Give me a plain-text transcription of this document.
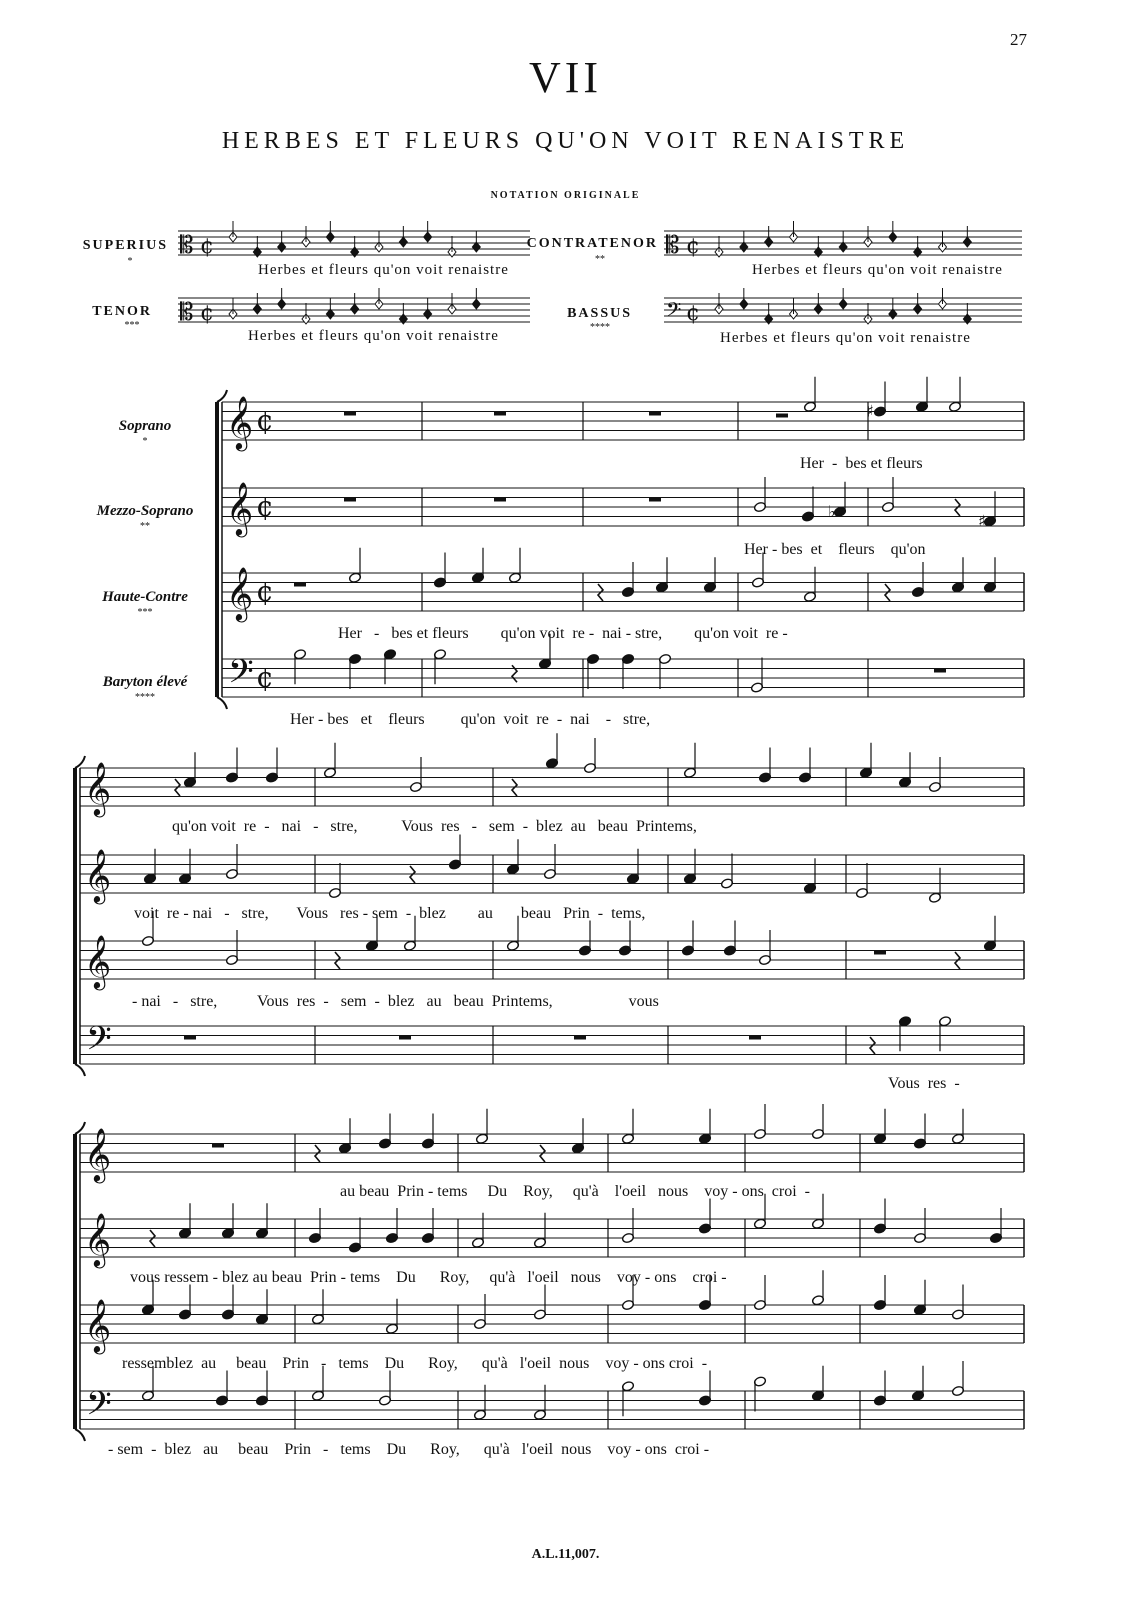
27
VII
HERBES ET FLEURS QU'ON VOIT RENAISTRE
NOTATION ORIGINALE
SUPERIUS
*
Herbes et fleurs qu'on voit renaistre
CONTRATENOR
**
Herbes et fleurs qu'on voit renaistre
TENOR
***
Herbes et fleurs qu'on voit renaistre
BASSUS
****
Herbes et fleurs qu'on voit renaistre
Soprano
*
Mezzo-Soprano
**
Haute-Contre
***
Baryton élevé
****
Her  -  bes et fleurs
Her - bes  et    fleurs    qu'on
Her   -   bes et fleurs        qu'on voit  re -  nai - stre,        qu'on voit  re -
Her - bes   et    fleurs         qu'on  voit  re  -  nai    -   stre,
qu'on voit  re  -   nai   -   stre,           Vous  res   -   sem  -  blez  au   beau  Printems,
voit  re - nai   -   stre,       Vous   res - sem  -  blez        au       beau   Prin  -  tems,
- nai   -   stre,          Vous  res  -   sem  -  blez   au   beau  Printems,                   vous
Vous  res  -
au beau  Prin - tems     Du    Roy,     qu'à    l'oeil   nous    voy - ons  croi  -
vous ressem - blez au beau  Prin - tems    Du      Roy,     qu'à   l'oeil   nous    voy - ons    croi -
ressemblez  au     beau    Prin   -   tems    Du      Roy,      qu'à   l'oeil  nous    voy - ons croi  -
- sem  -  blez   au     beau    Prin   -   tems    Du      Roy,      qu'à   l'oeil  nous    voy - ons  croi -
A.L.11,007.
𝄡 ¢	𝄡 ¢
𝄡 ¢	𝄢 ¢
𝄞 ¢
𝄞 ¢
𝄞 ¢
𝄢 ¢
𝄞
𝄞
𝄞
𝄢
𝄞
𝄞
𝄞
𝄢
♯
♭	♯
